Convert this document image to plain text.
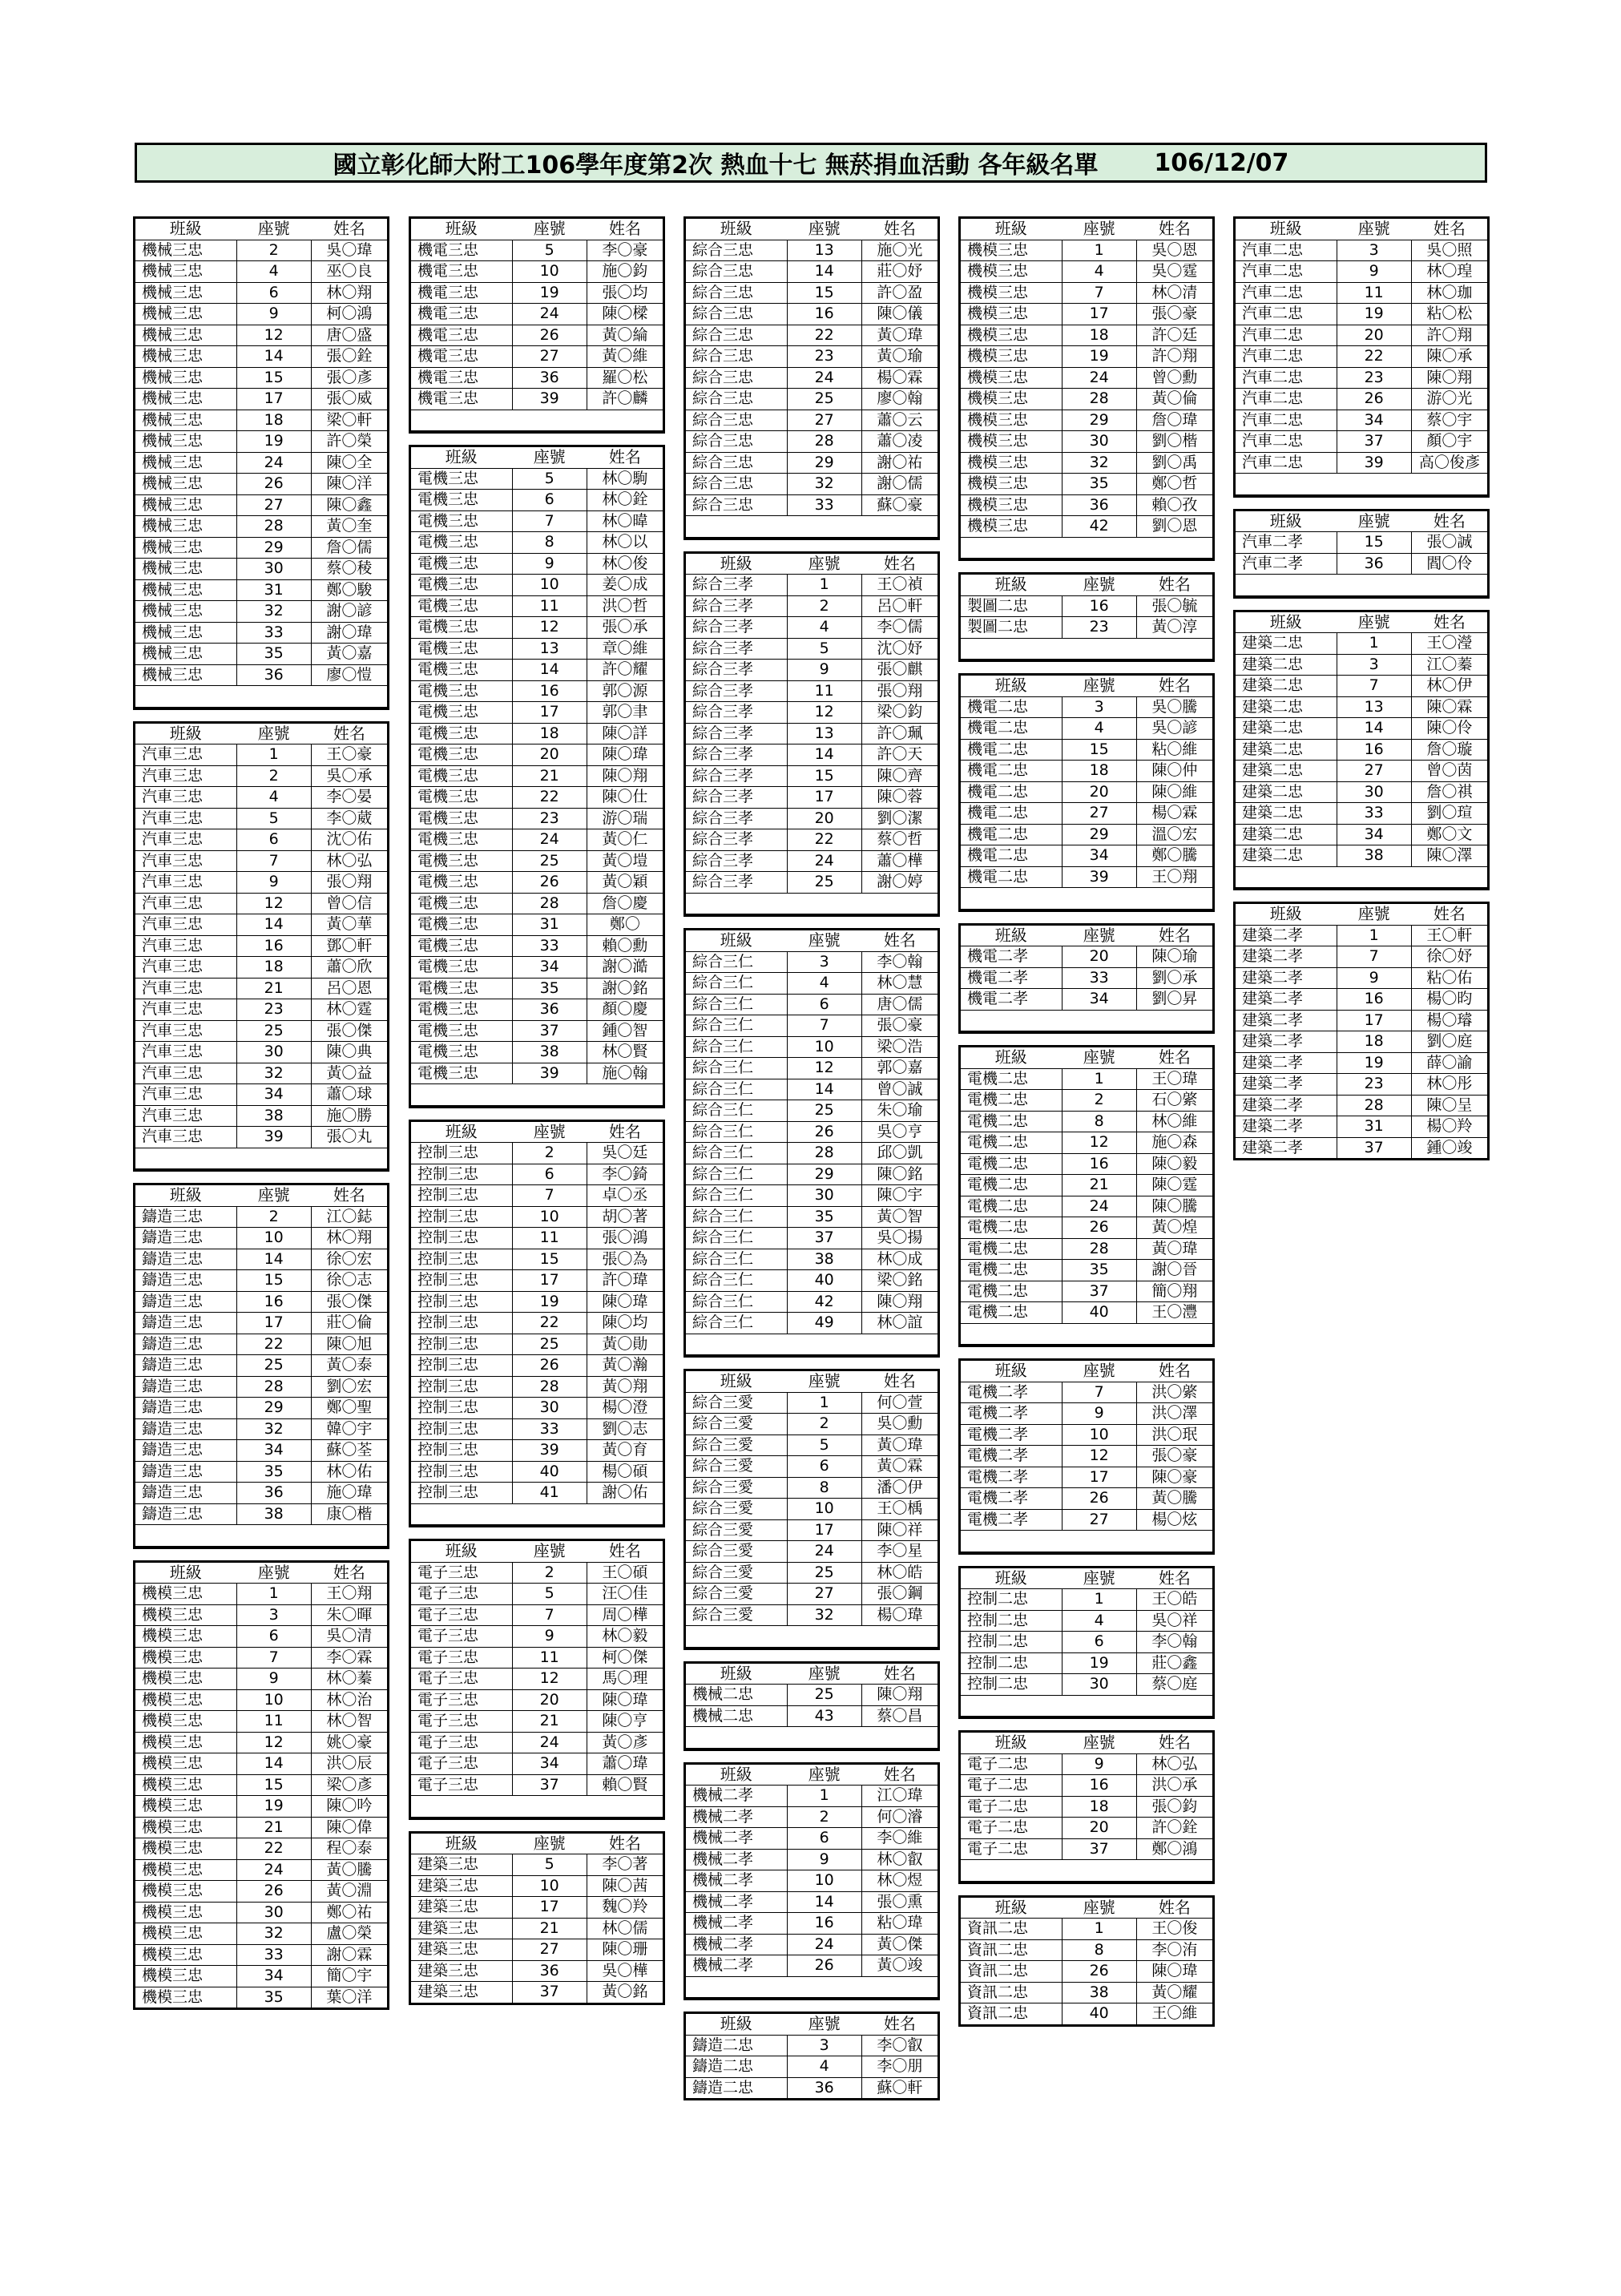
國立彰化師大附工106學年度第2次 熱血十七 無菸捐血活動 各年級名單 106/12/07
班級	座號	姓名
機械三忠	2	吳〇瑋
機械三忠	4	巫〇良
機械三忠	6	林〇翔
機械三忠	9	柯〇鴻
機械三忠	12	唐〇盛
機械三忠	14	張〇銓
機械三忠	15	張〇彥
機械三忠	17	張〇威
機械三忠	18	梁〇軒
機械三忠	19	許〇榮
機械三忠	24	陳〇全
機械三忠	26	陳〇洋
機械三忠	27	陳〇鑫
機械三忠	28	黃〇奎
機械三忠	29	詹〇儒
機械三忠	30	蔡〇稜
機械三忠	31	鄭〇駿
機械三忠	32	謝〇諺
機械三忠	33	謝〇瑋
機械三忠	35	黃〇嘉
機械三忠	36	廖〇愷
班級	座號	姓名
汽車三忠	1	王〇豪
汽車三忠	2	吳〇承
汽車三忠	4	李〇晏
汽車三忠	5	李〇葳
汽車三忠	6	沈〇佑
汽車三忠	7	林〇弘
汽車三忠	9	張〇翔
汽車三忠	12	曾〇信
汽車三忠	14	黃〇華
汽車三忠	16	鄧〇軒
汽車三忠	18	蕭〇欣
汽車三忠	21	呂〇恩
汽車三忠	23	林〇霆
汽車三忠	25	張〇傑
汽車三忠	30	陳〇典
汽車三忠	32	黃〇益
汽車三忠	34	蕭〇球
汽車三忠	38	施〇勝
汽車三忠	39	張〇丸
班級	座號	姓名
鑄造三忠	2	江〇鋕
鑄造三忠	10	林〇翔
鑄造三忠	14	徐〇宏
鑄造三忠	15	徐〇志
鑄造三忠	16	張〇傑
鑄造三忠	17	莊〇倫
鑄造三忠	22	陳〇旭
鑄造三忠	25	黃〇泰
鑄造三忠	28	劉〇宏
鑄造三忠	29	鄭〇聖
鑄造三忠	32	韓〇宇
鑄造三忠	34	蘇〇荃
鑄造三忠	35	林〇佑
鑄造三忠	36	施〇瑋
鑄造三忠	38	康〇楷
班級	座號	姓名
機模三忠	1	王〇翔
機模三忠	3	朱〇暉
機模三忠	6	吳〇清
機模三忠	7	李〇霖
機模三忠	9	林〇蓁
機模三忠	10	林〇治
機模三忠	11	林〇智
機模三忠	12	姚〇豪
機模三忠	14	洪〇辰
機模三忠	15	梁〇彥
機模三忠	19	陳〇吟
機模三忠	21	陳〇偉
機模三忠	22	程〇泰
機模三忠	24	黃〇騰
機模三忠	26	黃〇淵
機模三忠	30	鄭〇祐
機模三忠	32	盧〇榮
機模三忠	33	謝〇霖
機模三忠	34	簡〇宇
機模三忠	35	葉〇洋
班級	座號	姓名
機電三忠	5	李〇豪
機電三忠	10	施〇鈞
機電三忠	19	張〇均
機電三忠	24	陳〇樑
機電三忠	26	黃〇綸
機電三忠	27	黃〇維
機電三忠	36	羅〇松
機電三忠	39	許〇麟
班級	座號	姓名
電機三忠	5	林〇駒
電機三忠	6	林〇銓
電機三忠	7	林〇暐
電機三忠	8	林〇以
電機三忠	9	林〇俊
電機三忠	10	姜〇成
電機三忠	11	洪〇哲
電機三忠	12	張〇承
電機三忠	13	章〇維
電機三忠	14	許〇耀
電機三忠	16	郭〇源
電機三忠	17	郭〇聿
電機三忠	18	陳〇詳
電機三忠	20	陳〇瑋
電機三忠	21	陳〇翔
電機三忠	22	陳〇仕
電機三忠	23	游〇瑞
電機三忠	24	黃〇仁
電機三忠	25	黃〇塏
電機三忠	26	黃〇穎
電機三忠	28	詹〇慶
電機三忠	31	鄭〇
電機三忠	33	賴〇勳
電機三忠	34	謝〇澔
電機三忠	35	謝〇銘
電機三忠	36	顏〇慶
電機三忠	37	鍾〇智
電機三忠	38	林〇賢
電機三忠	39	施〇翰
班級	座號	姓名
控制三忠	2	吳〇廷
控制三忠	6	李〇錡
控制三忠	7	卓〇丞
控制三忠	10	胡〇著
控制三忠	11	張〇鴻
控制三忠	15	張〇為
控制三忠	17	許〇瑋
控制三忠	19	陳〇瑋
控制三忠	22	陳〇均
控制三忠	25	黃〇勛
控制三忠	26	黃〇瀚
控制三忠	28	黃〇翔
控制三忠	30	楊〇澄
控制三忠	33	劉〇志
控制三忠	39	黃〇育
控制三忠	40	楊〇碩
控制三忠	41	謝〇佑
班級	座號	姓名
電子三忠	2	王〇碩
電子三忠	5	汪〇佳
電子三忠	7	周〇樺
電子三忠	9	林〇毅
電子三忠	11	柯〇傑
電子三忠	12	馬〇理
電子三忠	20	陳〇瑋
電子三忠	21	陳〇亨
電子三忠	24	黃〇彥
電子三忠	34	蕭〇瑋
電子三忠	37	賴〇賢
班級	座號	姓名
建築三忠	5	李〇著
建築三忠	10	陳〇茜
建築三忠	17	魏〇羚
建築三忠	21	林〇儒
建築三忠	27	陳〇珊
建築三忠	36	吳〇樺
建築三忠	37	黃〇銘
班級	座號	姓名
綜合三忠	13	施〇光
綜合三忠	14	莊〇妤
綜合三忠	15	許〇盈
綜合三忠	16	陳〇儀
綜合三忠	22	黃〇瑋
綜合三忠	23	黃〇瑜
綜合三忠	24	楊〇霖
綜合三忠	25	廖〇翰
綜合三忠	27	蕭〇云
綜合三忠	28	蕭〇凌
綜合三忠	29	謝〇祐
綜合三忠	32	謝〇儒
綜合三忠	33	蘇〇豪
班級	座號	姓名
綜合三孝	1	王〇禎
綜合三孝	2	呂〇軒
綜合三孝	4	李〇儒
綜合三孝	5	沈〇妤
綜合三孝	9	張〇麒
綜合三孝	11	張〇翔
綜合三孝	12	梁〇鈞
綜合三孝	13	許〇珮
綜合三孝	14	許〇天
綜合三孝	15	陳〇齊
綜合三孝	17	陳〇蓉
綜合三孝	20	劉〇潔
綜合三孝	22	蔡〇哲
綜合三孝	24	蕭〇樺
綜合三孝	25	謝〇婷
班級	座號	姓名
綜合三仁	3	李〇翰
綜合三仁	4	林〇慧
綜合三仁	6	唐〇儒
綜合三仁	7	張〇豪
綜合三仁	10	梁〇浩
綜合三仁	12	郭〇嘉
綜合三仁	14	曾〇誠
綜合三仁	25	朱〇瑜
綜合三仁	26	吳〇亨
綜合三仁	28	邱〇凱
綜合三仁	29	陳〇銘
綜合三仁	30	陳〇宇
綜合三仁	35	黃〇智
綜合三仁	37	吳〇揚
綜合三仁	38	林〇成
綜合三仁	40	梁〇銘
綜合三仁	42	陳〇翔
綜合三仁	49	林〇誼
班級	座號	姓名
綜合三愛	1	何〇萱
綜合三愛	2	吳〇勳
綜合三愛	5	黃〇瑋
綜合三愛	6	黃〇霖
綜合三愛	8	潘〇伊
綜合三愛	10	王〇楀
綜合三愛	17	陳〇祥
綜合三愛	24	李〇星
綜合三愛	25	林〇皓
綜合三愛	27	張〇鋼
綜合三愛	32	楊〇瑋
班級	座號	姓名
機械二忠	25	陳〇翔
機械二忠	43	蔡〇昌
班級	座號	姓名
機械二孝	1	江〇瑋
機械二孝	2	何〇濬
機械二孝	6	李〇維
機械二孝	9	林〇叡
機械二孝	10	林〇煜
機械二孝	14	張〇熏
機械二孝	16	粘〇瑋
機械二孝	24	黃〇傑
機械二孝	26	黃〇竣
班級	座號	姓名
鑄造二忠	3	李〇叡
鑄造二忠	4	李〇朋
鑄造二忠	36	蘇〇軒
班級	座號	姓名
機模三忠	1	吳〇恩
機模三忠	4	吳〇霆
機模三忠	7	林〇清
機模三忠	17	張〇豪
機模三忠	18	許〇廷
機模三忠	19	許〇翔
機模三忠	24	曾〇勳
機模三忠	28	黃〇倫
機模三忠	29	詹〇瑋
機模三忠	30	劉〇楷
機模三忠	32	劉〇禹
機模三忠	35	鄭〇哲
機模三忠	36	賴〇孜
機模三忠	42	劉〇恩
班級	座號	姓名
製圖二忠	16	張〇毓
製圖二忠	23	黃〇淳
班級	座號	姓名
機電二忠	3	吳〇騰
機電二忠	4	吳〇諺
機電二忠	15	粘〇維
機電二忠	18	陳〇仲
機電二忠	20	陳〇維
機電二忠	27	楊〇霖
機電二忠	29	溫〇宏
機電二忠	34	鄭〇騰
機電二忠	39	王〇翔
班級	座號	姓名
機電二孝	20	陳〇瑜
機電二孝	33	劉〇承
機電二孝	34	劉〇昇
班級	座號	姓名
電機二忠	1	王〇瑋
電機二忠	2	石〇綮
電機二忠	8	林〇維
電機二忠	12	施〇森
電機二忠	16	陳〇毅
電機二忠	21	陳〇霆
電機二忠	24	陳〇騰
電機二忠	26	黃〇煌
電機二忠	28	黃〇瑋
電機二忠	35	謝〇晉
電機二忠	37	簡〇翔
電機二忠	40	王〇灃
班級	座號	姓名
電機二孝	7	洪〇綮
電機二孝	9	洪〇澤
電機二孝	10	洪〇珉
電機二孝	12	張〇豪
電機二孝	17	陳〇豪
電機二孝	26	黃〇騰
電機二孝	27	楊〇炫
班級	座號	姓名
控制二忠	1	王〇皓
控制二忠	4	吳〇祥
控制二忠	6	李〇翰
控制二忠	19	莊〇鑫
控制二忠	30	蔡〇庭
班級	座號	姓名
電子二忠	9	林〇弘
電子二忠	16	洪〇承
電子二忠	18	張〇鈞
電子二忠	20	許〇銓
電子二忠	37	鄭〇鴻
班級	座號	姓名
資訊二忠	1	王〇俊
資訊二忠	8	李〇洧
資訊二忠	26	陳〇瑋
資訊二忠	38	黃〇耀
資訊二忠	40	王〇維
班級	座號	姓名
汽車二忠	3	吳〇照
汽車二忠	9	林〇瑝
汽車二忠	11	林〇珈
汽車二忠	19	粘〇松
汽車二忠	20	許〇翔
汽車二忠	22	陳〇承
汽車二忠	23	陳〇翔
汽車二忠	26	游〇光
汽車二忠	34	蔡〇宇
汽車二忠	37	顏〇宇
汽車二忠	39	高〇俊彥
班級	座號	姓名
汽車二孝	15	張〇誠
汽車二孝	36	閻〇伶
班級	座號	姓名
建築二忠	1	王〇瀅
建築二忠	3	江〇蓁
建築二忠	7	林〇伊
建築二忠	13	陳〇霖
建築二忠	14	陳〇伶
建築二忠	16	詹〇璇
建築二忠	27	曾〇茵
建築二忠	30	詹〇祺
建築二忠	33	劉〇瑄
建築二忠	34	鄭〇文
建築二忠	38	陳〇澤
班級	座號	姓名
建築二孝	1	王〇軒
建築二孝	7	徐〇妤
建築二孝	9	粘〇佑
建築二孝	16	楊〇昀
建築二孝	17	楊〇璿
建築二孝	18	劉〇庭
建築二孝	19	薛〇諭
建築二孝	23	林〇彤
建築二孝	28	陳〇呈
建築二孝	31	楊〇羚
建築二孝	37	鍾〇竣
